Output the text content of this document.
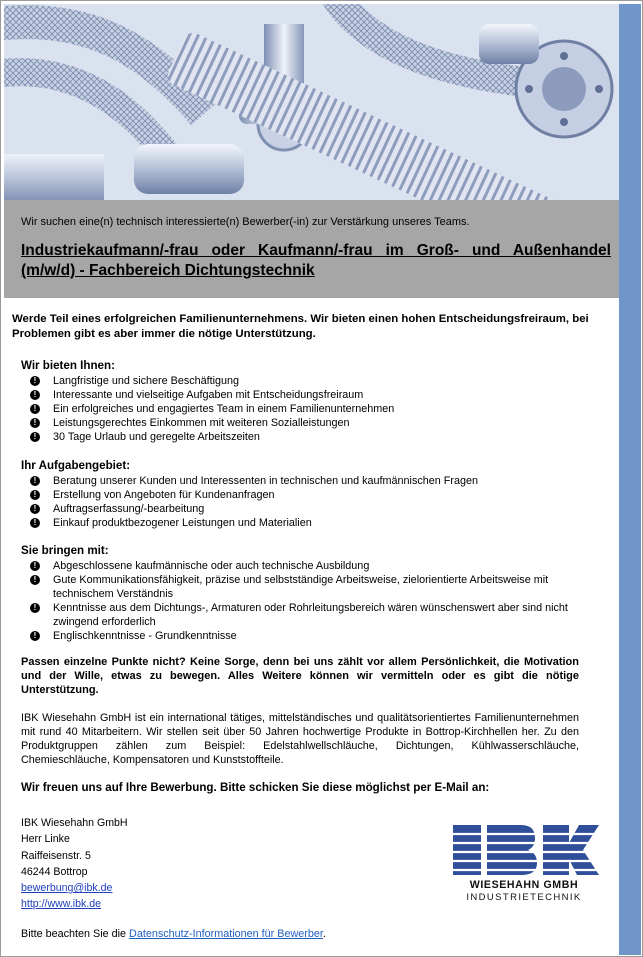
Wir suchen eine(n) technisch interessierte(n) Bewerber(-in) zur Verstärkung unseres Teams.
Industriekaufmann/-frau oder Kaufmann/-frau im Groß- und Außenhandel (m/w/d) - Fachbereich Dichtungstechnik
Werde Teil eines erfolgreichen Familienunternehmens. Wir bieten einen hohen Entscheidungsfreiraum, bei Problemen gibt es aber immer die nötige Unterstützung.
Wir bieten Ihnen:
!	Langfristige und sichere Beschäftigung
!	Interessante und vielseitige Aufgaben mit Entscheidungsfreiraum
!	Ein erfolgreiches und engagiertes Team in einem Familienunternehmen
!	Leistungsgerechtes Einkommen mit weiteren Sozialleistungen
!	30 Tage Urlaub und geregelte Arbeitszeiten
Ihr Aufgabengebiet:
!	Beratung unserer Kunden und Interessenten in technischen und kaufmännischen Fragen
!	Erstellung von Angeboten für Kundenanfragen
!	Auftragserfassung/-bearbeitung
!	Einkauf produktbezogener Leistungen und Materialien
Sie bringen mit:
!	Abgeschlossene kaufmännische oder auch technische Ausbildung
!	Gute Kommunikationsfähigkeit, präzise und selbstständige Arbeitsweise, zielorientierte Arbeitsweise mit technischem Verständnis
!	Kenntnisse aus dem Dichtungs-, Armaturen oder Rohrleitungsbereich wären wünschenswert aber sind nicht zwingend erforderlich
!	Englischkenntnisse - Grundkenntnisse
Passen einzelne Punkte nicht? Keine Sorge, denn bei uns zählt vor allem Persönlichkeit, die Motivation und der Wille, etwas zu bewegen. Alles Weitere können wir vermitteln oder es gibt die nötige Unterstützung.
IBK Wiesehahn GmbH ist ein international tätiges, mittelständisches und qualitätsorientiertes Familienunternehmen mit rund 40 Mitarbeitern. Wir stellen seit über 50 Jahren hochwertige Produkte in Bottrop-Kirchhellen her. Zu den Produktgruppen zählen zum Beispiel: Edelstahlwellschläuche, Dichtungen, Kühlwasserschläuche, Chemieschläuche, Kompensatoren und Kunststoffteile.
Wir freuen uns auf Ihre Bewerbung. Bitte schicken Sie diese möglichst per E-Mail an:
IBK Wiesehahn GmbH
Herr Linke
Raiffeisenstr. 5
46244 Bottrop
bewerbung@ibk.de
http://www.ibk.de
IBK
WIESEHAHN GMBH
INDUSTRIETECHNIK
Bitte beachten Sie die Datenschutz-Informationen für Bewerber.
